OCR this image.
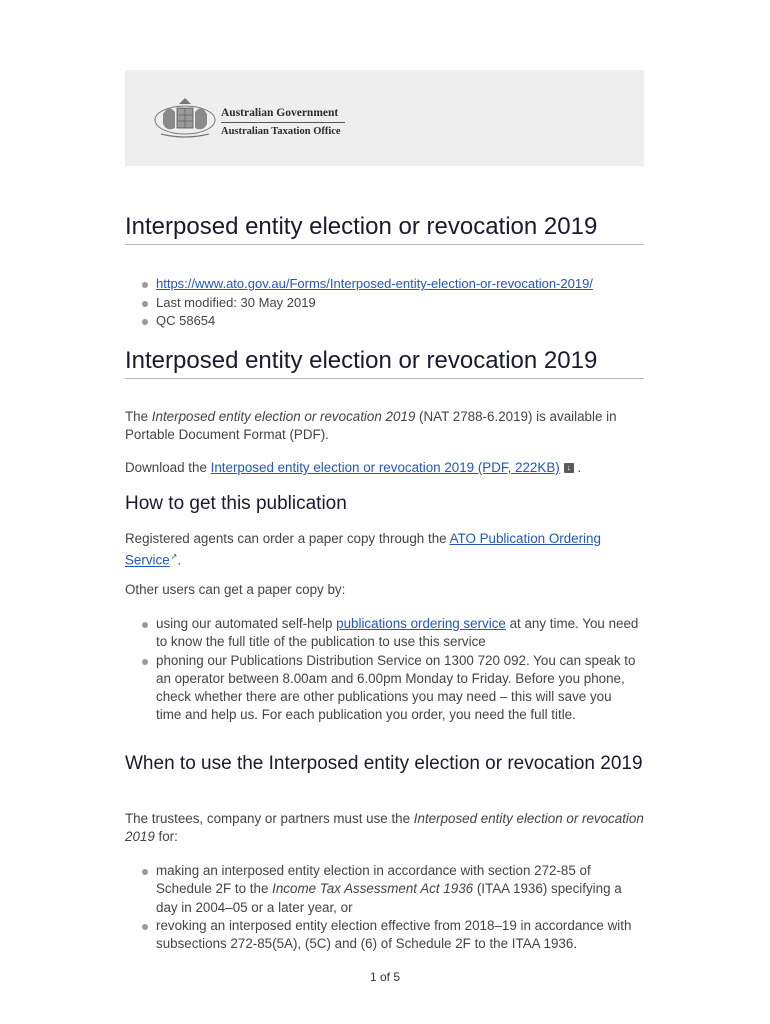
Australian Government
Australian Taxation Office
Interposed entity election or revocation 2019
https://www.ato.gov.au/Forms/Interposed-entity-election-or-revocation-2019/
Last modified: 30 May 2019
QC 58654
Interposed entity election or revocation 2019

The Interposed entity election or revocation 2019 (NAT 2788-6.2019) is available in Portable Document Format (PDF).

Download the Interposed entity election or revocation 2019 (PDF, 222KB) ↓ .

How to get this publication

Registered agents can order a paper copy through the ATO Publication Ordering Service↗.

Other users can get a paper copy by:

using our automated self-help publications ordering service at any time. You need to know the full title of the publication to use this service
phoning our Publications Distribution Service on 1300 720 092. You can speak to an operator between 8.00am and 6.00pm Monday to Friday. Before you phone, check whether there are other publications you may need – this will save you time and help us. For each publication you order, you need the full title.
When to use the Interposed entity election or revocation 2019

The trustees, company or partners must use the Interposed entity election or revocation 2019 for:

making an interposed entity election in accordance with section 272-85 of Schedule 2F to the Income Tax Assessment Act 1936 (ITAA 1936) specifying a day in 2004–05 or a later year, or
revoking an interposed entity election effective from 2018–19 in accordance with subsections 272-85(5A), (5C) and (6) of Schedule 2F to the ITAA 1936.
1 of 5
